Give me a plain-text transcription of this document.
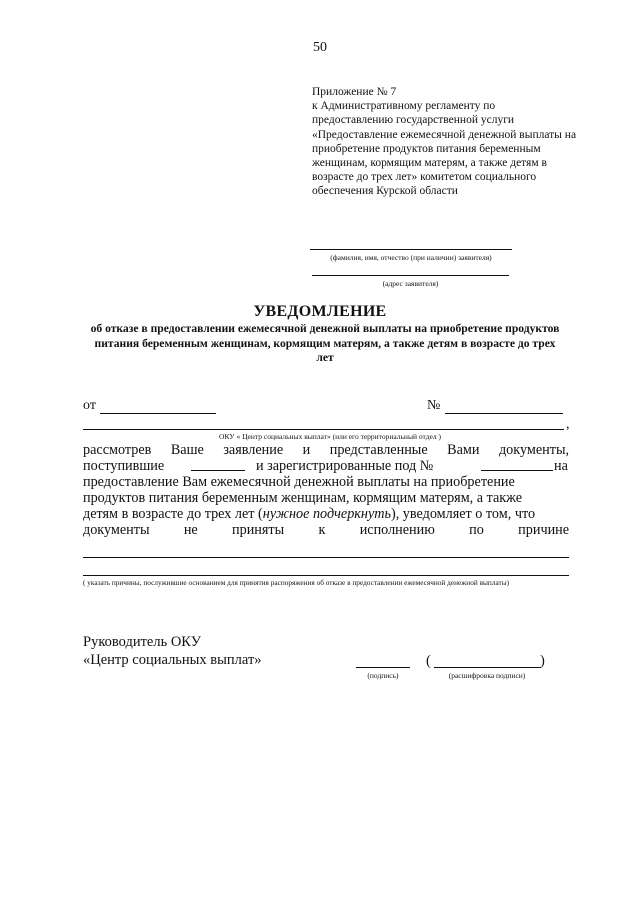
50
Приложение № 7
к Административному регламенту по
предоставлению государственной услуги
«Предоставление ежемесячной денежной выплаты на
приобретение продуктов питания беременным
женщинам, кормящим матерям, а также детям в
возрасте до трех лет» комитетом социального
обеспечения Курской области
(фамилия, имя, отчество (при наличии) заявителя)
(адрес заявителя)
УВЕДОМЛЕНИЕ
об отказе в предоставлении ежемесячной денежной выплаты на приобретение продуктов питания беременным женщинам, кормящим матерям, а также детям в возрасте до трех лет
от	№
,
ОКУ « Центр социальных выплат» (или его территориальный отдел )
рассмотрев Ваше заявление и представленные Вами документы,
поступившие	и зарегистрированные под №	на
предоставление Вам ежемесячной денежной выплаты на приобретение
продуктов питания беременным женщинам, кормящим матерям, а также
детям в возрасте до трех лет (нужное подчеркнуть), уведомляет о том, что
документы не приняты к исполнению по причине
( указать причины, послужившие основанием для принятия распоряжения об отказе в предоставлении ежемесячной денежной выплаты)
Руководитель ОКУ
«Центр социальных выплат»
(подпись)
(	)
(расшифровка подписи)
